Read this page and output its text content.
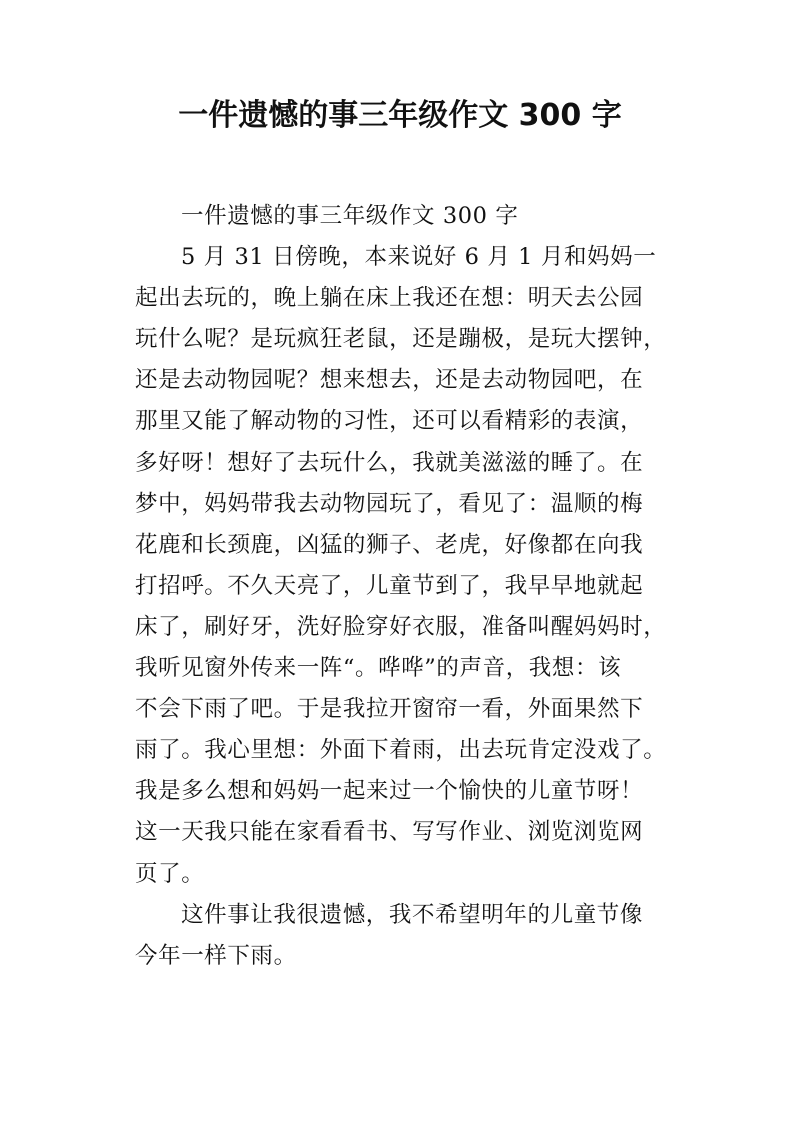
一件遗憾的事三年级作文 300 字
一件遗憾的事三年级作文 300 字
5 月 31 日傍晚，本来说好 6 月 1 月和妈妈一
起出去玩的，晚上躺在床上我还在想：明天去公园
玩什么呢？是玩疯狂老鼠，还是蹦极，是玩大摆钟，
还是去动物园呢？想来想去，还是去动物园吧，在
那里又能了解动物的习性，还可以看精彩的表演，
多好呀！想好了去玩什么，我就美滋滋的睡了。在
梦中，妈妈带我去动物园玩了，看见了：温顺的梅
花鹿和长颈鹿，凶猛的狮子、老虎，好像都在向我
打招呼。不久天亮了，儿童节到了，我早早地就起
床了，刷好牙，洗好脸穿好衣服，准备叫醒妈妈时，
我听见窗外传来一阵“。哗哗”的声音，我想：该
不会下雨了吧。于是我拉开窗帘一看，外面果然下
雨了。我心里想：外面下着雨，出去玩肯定没戏了。
我是多么想和妈妈一起来过一个愉快的儿童节呀！
这一天我只能在家看看书、写写作业、浏览浏览网
页了。
这件事让我很遗憾，我不希望明年的儿童节像
今年一样下雨。
